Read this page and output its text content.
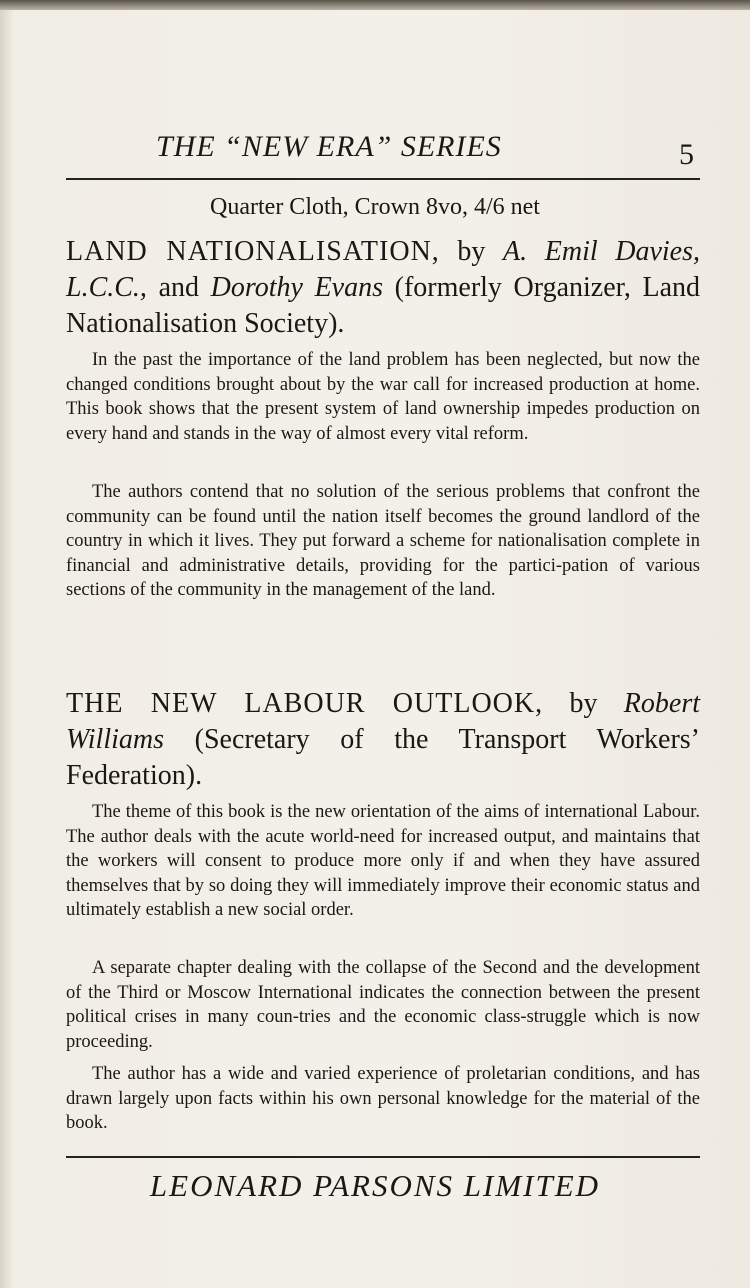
THE “NEW ERA” SERIES	5
Quarter Cloth, Crown 8vo, 4/6 net
LAND NATIONALISATION, by A. Emil Davies, L.C.C., and Dorothy Evans (formerly Organizer, Land Nationalisation Society).

In the past the importance of the land problem has been neglected, but now the changed conditions brought about by the war call for increased production at home. This book shows that the present system of land ownership impedes production on every hand and stands in the way of almost every vital reform.

The authors contend that no solution of the serious problems that confront the community can be found until the nation itself becomes the ground landlord of the country in which it lives. They put forward a scheme for nationalisation complete in financial and administrative details, providing for the partici-pation of various sections of the community in the management of the land.

THE NEW LABOUR OUTLOOK, by Robert Williams (Secretary of the Transport Workers’ Federation).

The theme of this book is the new orientation of the aims of international Labour. The author deals with the acute world-need for increased output, and maintains that the workers will consent to produce more only if and when they have assured themselves that by so doing they will immediately improve their economic status and ultimately establish a new social order.

A separate chapter dealing with the collapse of the Second and the development of the Third or Moscow International indicates the connection between the present political crises in many coun-tries and the economic class-struggle which is now proceeding.

The author has a wide and varied experience of proletarian conditions, and has drawn largely upon facts within his own personal knowledge for the material of the book.

LEONARD PARSONS LIMITED
